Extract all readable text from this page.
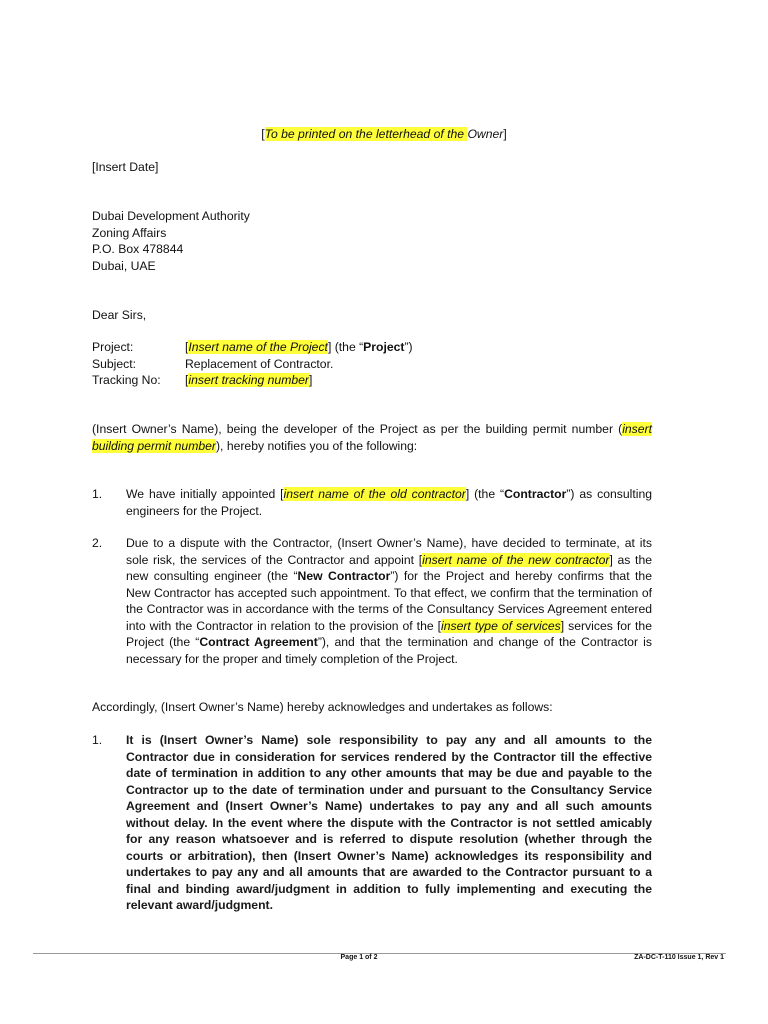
[To be printed on the letterhead of the Owner]
[Insert Date]
Dubai Development Authority
Zoning Affairs
P.O. Box 478844
Dubai, UAE
Dear Sirs,
Project:	[Insert name of the Project] (the “Project”)
Subject:	Replacement of Contractor.
Tracking No:	[insert tracking number]
(Insert Owner’s Name), being the developer of the Project as per the building permit number (insert building permit number), hereby notifies you of the following:
1.	We have initially appointed [insert name of the old contractor] (the “Contractor”) as consulting engineers for the Project.
2.	Due to a dispute with the Contractor, (Insert Owner’s Name), have decided to terminate, at its sole risk, the services of the Contractor and appoint [insert name of the new contractor] as the new consulting engineer (the “New Contractor”) for the Project and hereby confirms that the New Contractor has accepted such appointment. To that effect, we confirm that the termination of the Contractor was in accordance with the terms of the Consultancy Services Agreement entered into with the Contractor in relation to the provision of the [insert type of services] services for the Project (the “Contract Agreement”), and that the termination and change of the Contractor is necessary for the proper and timely completion of the Project.
Accordingly, (Insert Owner’s Name) hereby acknowledges and undertakes as follows:
1.	It is (Insert Owner’s Name) sole responsibility to pay any and all amounts to the Contractor due in consideration for services rendered by the Contractor till the effective date of termination in addition to any other amounts that may be due and payable to the Contractor up to the date of termination under and pursuant to the Consultancy Service Agreement and (Insert Owner’s Name) undertakes to pay any and all such amounts without delay. In the event where the dispute with the Contractor is not settled amicably for any reason whatsoever and is referred to dispute resolution (whether through the courts or arbitration), then (Insert Owner’s Name) acknowledges its responsibility and undertakes to pay any and all amounts that are awarded to the Contractor pursuant to a final and binding award/judgment in addition to fully implementing and executing the relevant award/judgment.
Page 1 of 2	ZA-DC-T-110 Issue 1, Rev 1
